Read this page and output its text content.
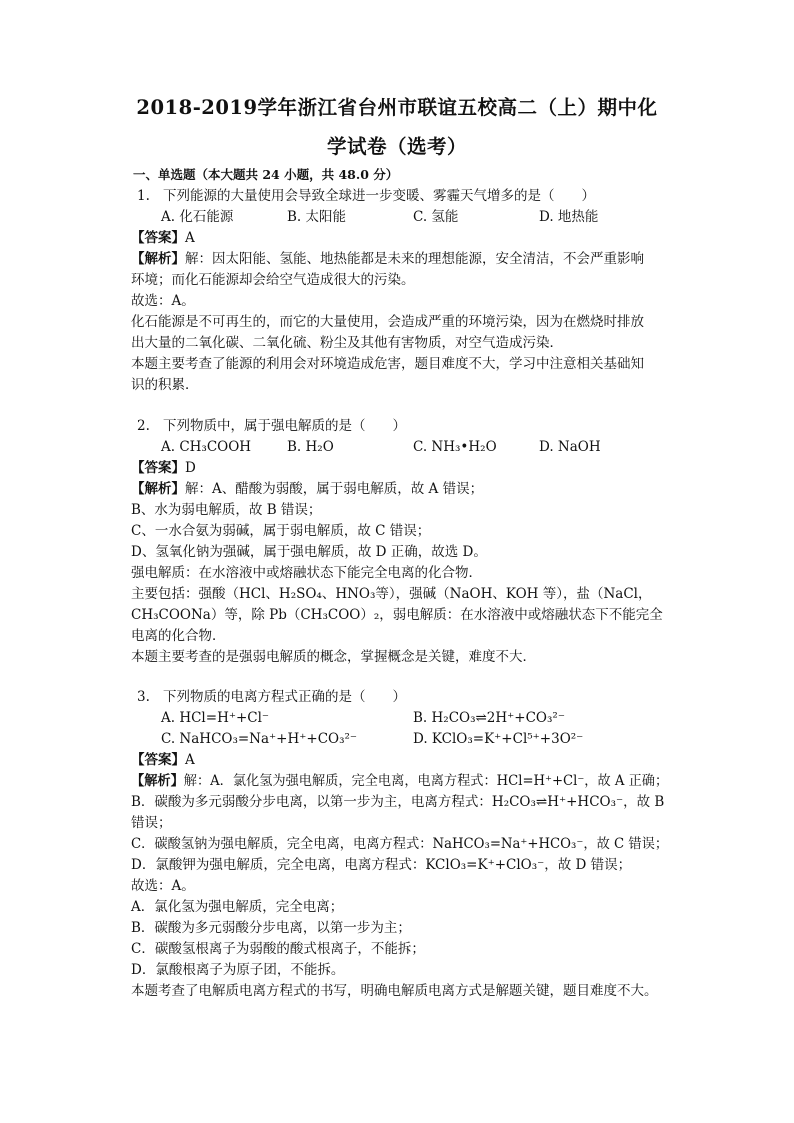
2018-2019学年浙江省台州市联谊五校高二（上）期中化
学试卷（选考）
一、单选题（本大题共 24 小题，共 48.0 分）
1. 下列能源的大量使用会导致全球进一步变暖、雾霾天气增多的是（　　）
A. 化石能源	B. 太阳能	C. 氢能	D. 地热能
【答案】A
【解析】解：因太阳能、氢能、地热能都是未来的理想能源，安全清洁，不会严重影响
环境；而化石能源却会给空气造成很大的污染。
故选：A。
化石能源是不可再生的，而它的大量使用，会造成严重的环境污染，因为在燃烧时排放
出大量的二氧化碳、二氧化硫、粉尘及其他有害物质，对空气造成污染．
本题主要考查了能源的利用会对环境造成危害，题目难度不大，学习中注意相关基础知
识的积累．
2. 下列物质中，属于强电解质的是（　　）
A. CH₃COOH	B. H₂O	C. NH₃•H₂O	D. NaOH
【答案】D
【解析】解：A、醋酸为弱酸，属于弱电解质，故 A 错误；
B、水为弱电解质，故 B 错误；
C、一水合氨为弱碱，属于弱电解质，故 C 错误；
D、氢氧化钠为强碱，属于强电解质，故 D 正确，故选 D。
强电解质：在水溶液中或熔融状态下能完全电离的化合物．
主要包括：强酸（HCl、H₂SO₄、HNO₃等），强碱（NaOH、KOH 等），盐（NaCl，
CH₃COONa）等，除 Pb（CH₃COO）₂，弱电解质：在水溶液中或熔融状态下不能完全
电离的化合物．
本题主要考查的是强弱电解质的概念，掌握概念是关键，难度不大．
3. 下列物质的电离方程式正确的是（　　）
A. HCl=H⁺+Cl⁻	B. H₂CO₃⇌2H⁺+CO₃²⁻
C. NaHCO₃=Na⁺+H⁺+CO₃²⁻	D. KClO₃=K⁺+Cl⁵⁺+3O²⁻
【答案】A
【解析】解：A．氯化氢为强电解质，完全电离，电离方程式：HCl=H⁺+Cl⁻，故 A 正确；
B．碳酸为多元弱酸分步电离，以第一步为主，电离方程式：H₂CO₃⇌H⁺+HCO₃⁻，故 B
错误；
C．碳酸氢钠为强电解质，完全电离，电离方程式：NaHCO₃=Na⁺+HCO₃⁻，故 C 错误；
D．氯酸钾为强电解质，完全电离，电离方程式：KClO₃=K⁺+ClO₃⁻，故 D 错误；
故选：A。
A．氯化氢为强电解质，完全电离；
B．碳酸为多元弱酸分步电离，以第一步为主；
C．碳酸氢根离子为弱酸的酸式根离子，不能拆；
D．氯酸根离子为原子团，不能拆。
本题考查了电解质电离方程式的书写，明确电解质电离方式是解题关键，题目难度不大。
